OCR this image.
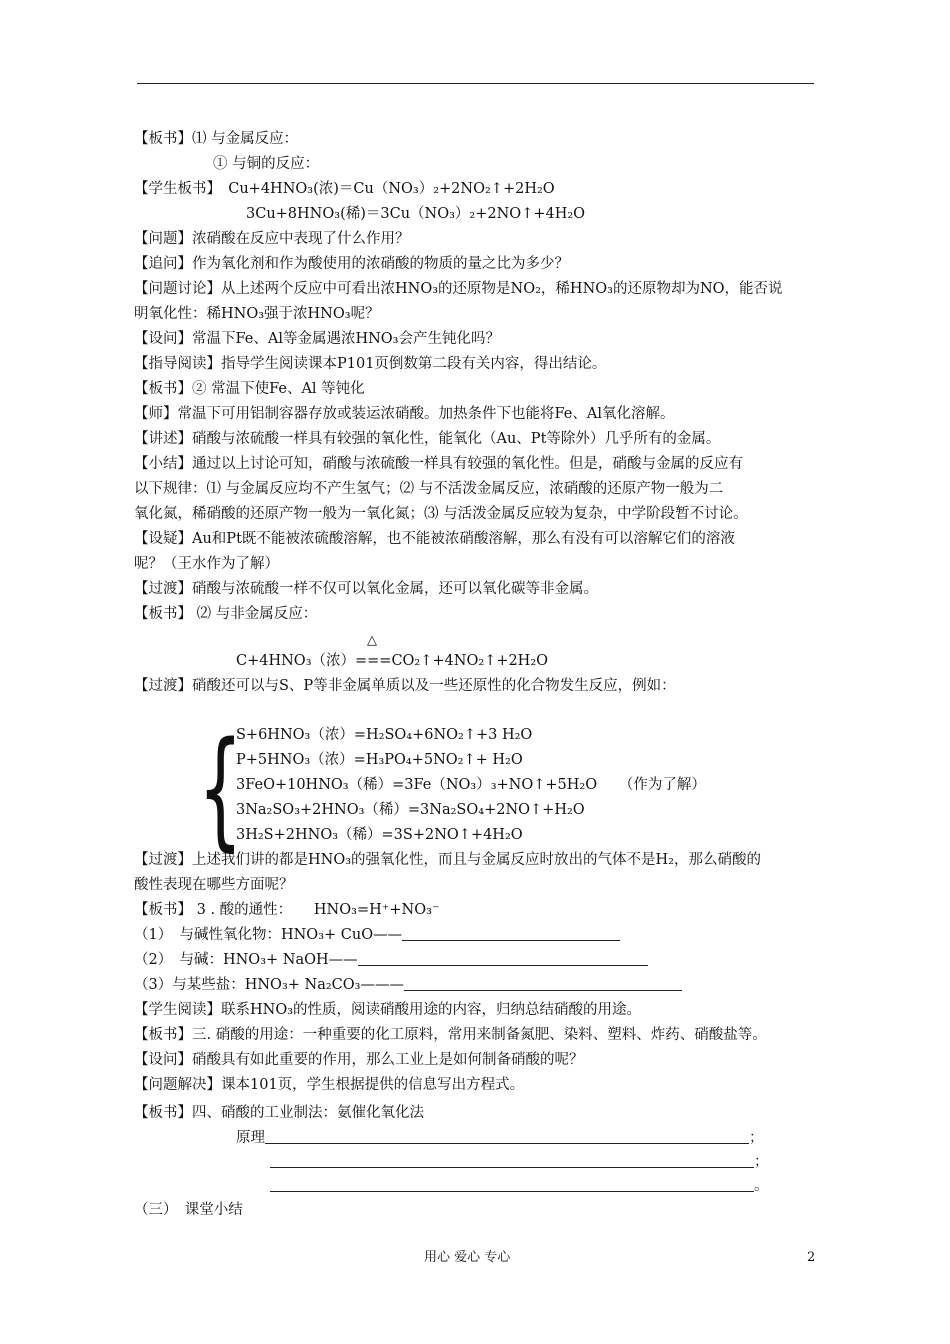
【板书】⑴ 与金属反应：
① 与铜的反应：
【学生板书】　Cu+4HNO₃(浓)＝Cu（NO₃）₂+2NO₂↑+2H₂O
3Cu+8HNO₃(稀)＝3Cu（NO₃）₂+2NO↑+4H₂O
【问题】浓硝酸在反应中表现了什么作用？
【追问】作为氧化剂和作为酸使用的浓硝酸的物质的量之比为多少？
【问题讨论】从上述两个反应中可看出浓HNO₃的还原物是NO₂，稀HNO₃的还原物却为NO，能否说
明氧化性：稀HNO₃强于浓HNO₃呢？
【设问】常温下Fe、Al等金属遇浓HNO₃会产生钝化吗？
【指导阅读】指导学生阅读课本P101页倒数第二段有关内容，得出结论。
【板书】② 常温下使Fe、Al 等钝化
【师】常温下可用铝制容器存放或装运浓硝酸。加热条件下也能将Fe、Al氧化溶解。
【讲述】硝酸与浓硫酸一样具有较强的氧化性，能氧化（Au、Pt等除外）几乎所有的金属。
【小结】通过以上讨论可知，硝酸与浓硫酸一样具有较强的氧化性。但是，硝酸与金属的反应有
以下规律：⑴ 与金属反应均不产生氢气；⑵ 与不活泼金属反应，浓硝酸的还原产物一般为二
氧化氮，稀硝酸的还原产物一般为一氧化氮；⑶ 与活泼金属反应较为复杂，中学阶段暂不讨论。
【设疑】Au和Pt既不能被浓硫酸溶解，也不能被浓硝酸溶解，那么有没有可以溶解它们的溶液
呢？（王水作为了解）
【过渡】硝酸与浓硫酸一样不仅可以氧化金属，还可以氧化碳等非金属。
【板书】 ⑵ 与非金属反应：
△
C+4HNO₃（浓）===CO₂↑+4NO₂↑+2H₂O
【过渡】硝酸还可以与S、P等非金属单质以及一些还原性的化合物发生反应，例如：
{
S+6HNO₃（浓）=H₂SO₄+6NO₂↑+3 H₂O
P+5HNO₃（浓）=H₃PO₄+5NO₂↑+ H₂O
3FeO+10HNO₃（稀）=3Fe（NO₃）₃+NO↑+5H₂O　　（作为了解）
3Na₂SO₃+2HNO₃（稀）=3Na₂SO₄+2NO↑+H₂O
3H₂S+2HNO₃（稀）=3S+2NO↑+4H₂O
【过渡】上述我们讲的都是HNO₃的强氧化性，而且与金属反应时放出的气体不是H₂，那么硝酸的
酸性表现在哪些方面呢？
【板书】 3 . 酸的通性：　　HNO₃=H⁺+NO₃⁻
（1）　与碱性氧化物：HNO₃+ CuO——
（2）　与碱：HNO₃+ NaOH——
（3）与某些盐：HNO₃+ Na₂CO₃———
【学生阅读】联系HNO₃的性质，阅读硝酸用途的内容，归纳总结硝酸的用途。
【板书】三. 硝酸的用途：一种重要的化工原料，常用来制备氮肥、染料、塑料、炸药、硝酸盐等。
【设问】硝酸具有如此重要的作用，那么工业上是如何制备硝酸的呢？
【问题解决】课本101页，学生根据提供的信息写出方程式。
【板书】四、硝酸的工业制法：氨催化氧化法
原理	；
；
。
（三）　课堂小结
用心 爱心 专心	2
